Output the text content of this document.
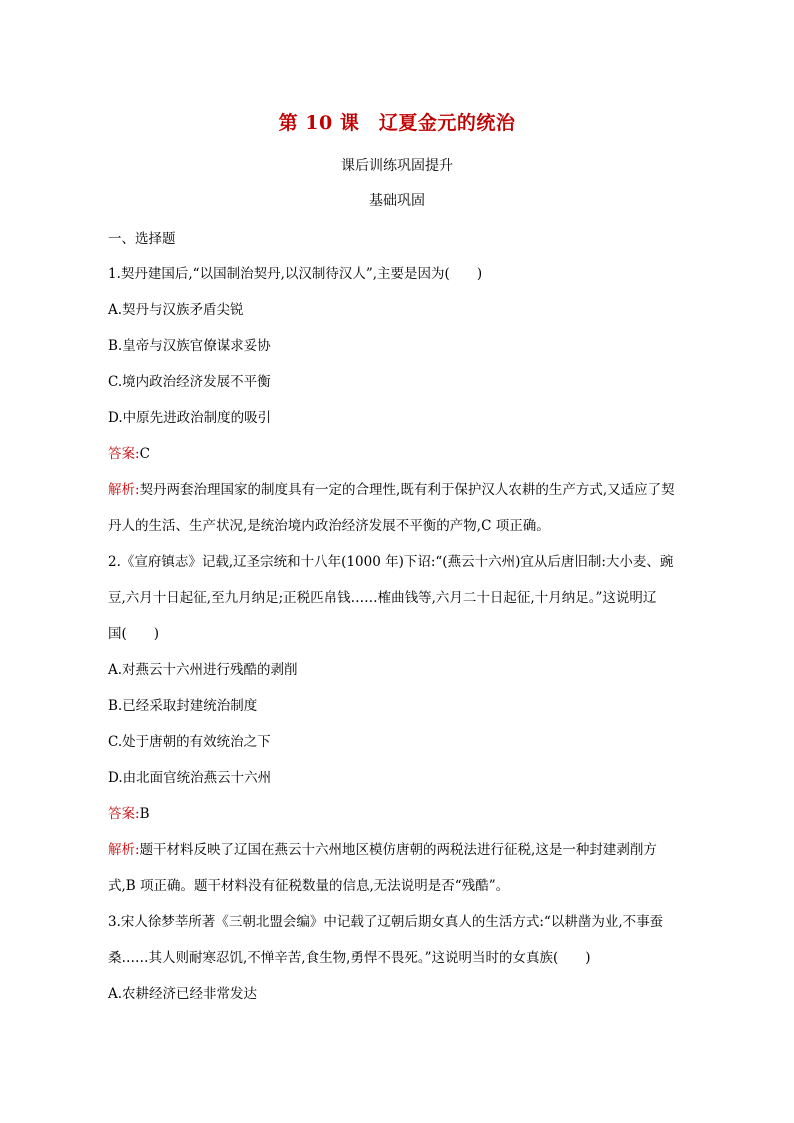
第 10 课　辽夏金元的统治
课后训练巩固提升
基础巩固
一、选择题
1.契丹建国后,“以国制治契丹,以汉制待汉人”,主要是因为(　　)
A.契丹与汉族矛盾尖锐
B.皇帝与汉族官僚谋求妥协
C.境内政治经济发展不平衡
D.中原先进政治制度的吸引
答案:C
解析:契丹两套治理国家的制度具有一定的合理性,既有利于保护汉人农耕的生产方式,又适应了契
丹人的生活、生产状况,是统治境内政治经济发展不平衡的产物,C 项正确。
2.《宣府镇志》记载,辽圣宗统和十八年(1000 年)下诏:“(燕云十六州)宜从后唐旧制:大小麦、豌
豆,六月十日起征,至九月纳足;正税匹帛钱……榷曲钱等,六月二十日起征,十月纳足。”这说明辽
国(　　)
A.对燕云十六州进行残酷的剥削
B.已经采取封建统治制度
C.处于唐朝的有效统治之下
D.由北面官统治燕云十六州
答案:B
解析:题干材料反映了辽国在燕云十六州地区模仿唐朝的两税法进行征税,这是一种封建剥削方
式,B 项正确。题干材料没有征税数量的信息,无法说明是否“残酷”。
3.宋人徐梦莘所著《三朝北盟会编》中记载了辽朝后期女真人的生活方式:“以耕凿为业,不事蚕
桑……其人则耐寒忍饥,不惮辛苦,食生物,勇悍不畏死。”这说明当时的女真族(　　)
A.农耕经济已经非常发达
